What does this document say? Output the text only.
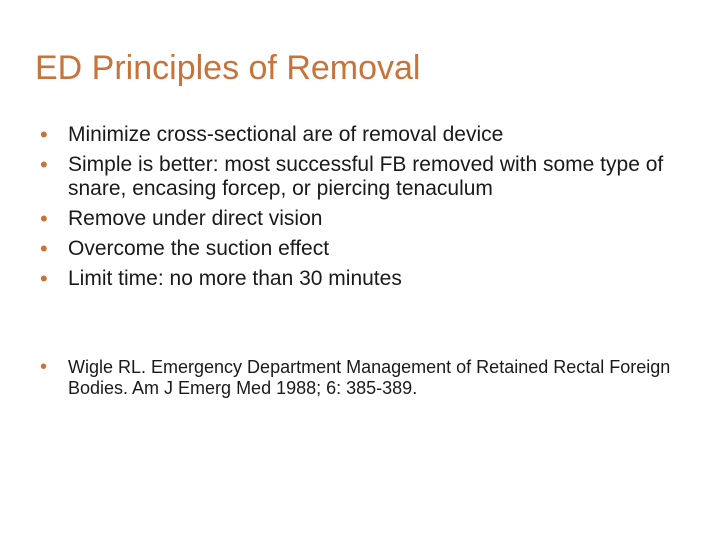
ED Principles of Removal
• Minimize cross-sectional are of removal device
• Simple is better: most successful FB removed with some type of snare, encasing forcep, or piercing tenaculum
• Remove under direct vision
• Overcome the suction effect
• Limit time: no more than 30 minutes
• Wigle RL. Emergency Department Management of Retained Rectal Foreign Bodies. Am J Emerg Med 1988; 6: 385-389.
